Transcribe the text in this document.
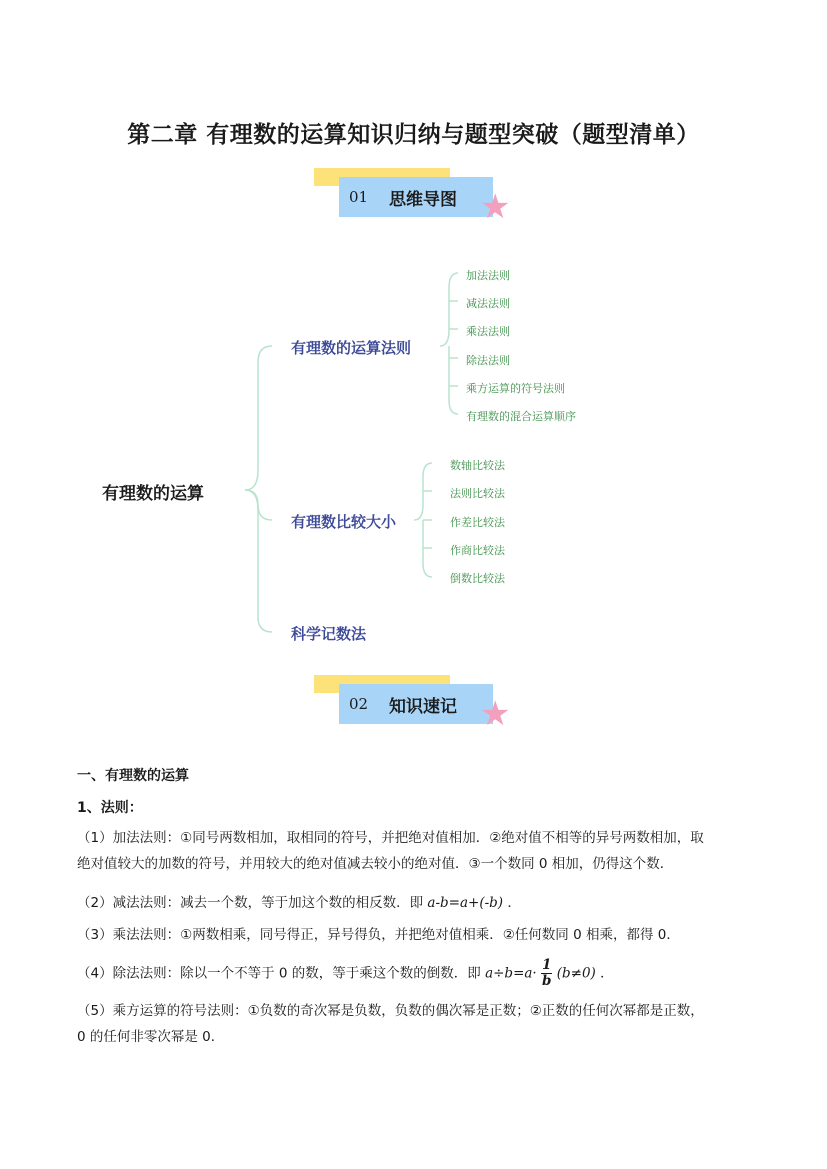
第二章 有理数的运算知识归纳与题型突破（题型清单）
01 思维导图 ★
有理数的运算
有理数的运算法则
加法法则
减法法则
乘法法则
除法法则
乘方运算的符号法则
有理数的混合运算顺序
有理数比较大小
数轴比较法
法则比较法
作差比较法
作商比较法
倒数比较法
科学记数法
02 知识速记 ★
一、有理数的运算
1、法则：
（1）加法法则：①同号两数相加，取相同的符号，并把绝对值相加．②绝对值不相等的异号两数相加，取
绝对值较大的加数的符号，并用较大的绝对值减去较小的绝对值．③一个数同 0 相加，仍得这个数．
（2）减法法则：减去一个数，等于加这个数的相反数．即 a-b=a+(-b) ．
（3）乘法法则：①两数相乘，同号得正，异号得负，并把绝对值相乘．②任何数同 0 相乘，都得 0．
（4）除法法则：除以一个不等于 0 的数，等于乘这个数的倒数．即 $a\div b=a\cdot \frac{1}{b} (b\ne 0)$ ．
（5）乘方运算的符号法则：①负数的奇次幂是负数，负数的偶次幂是正数；②正数的任何次幂都是正数，
0 的任何非零次幂是 0．
